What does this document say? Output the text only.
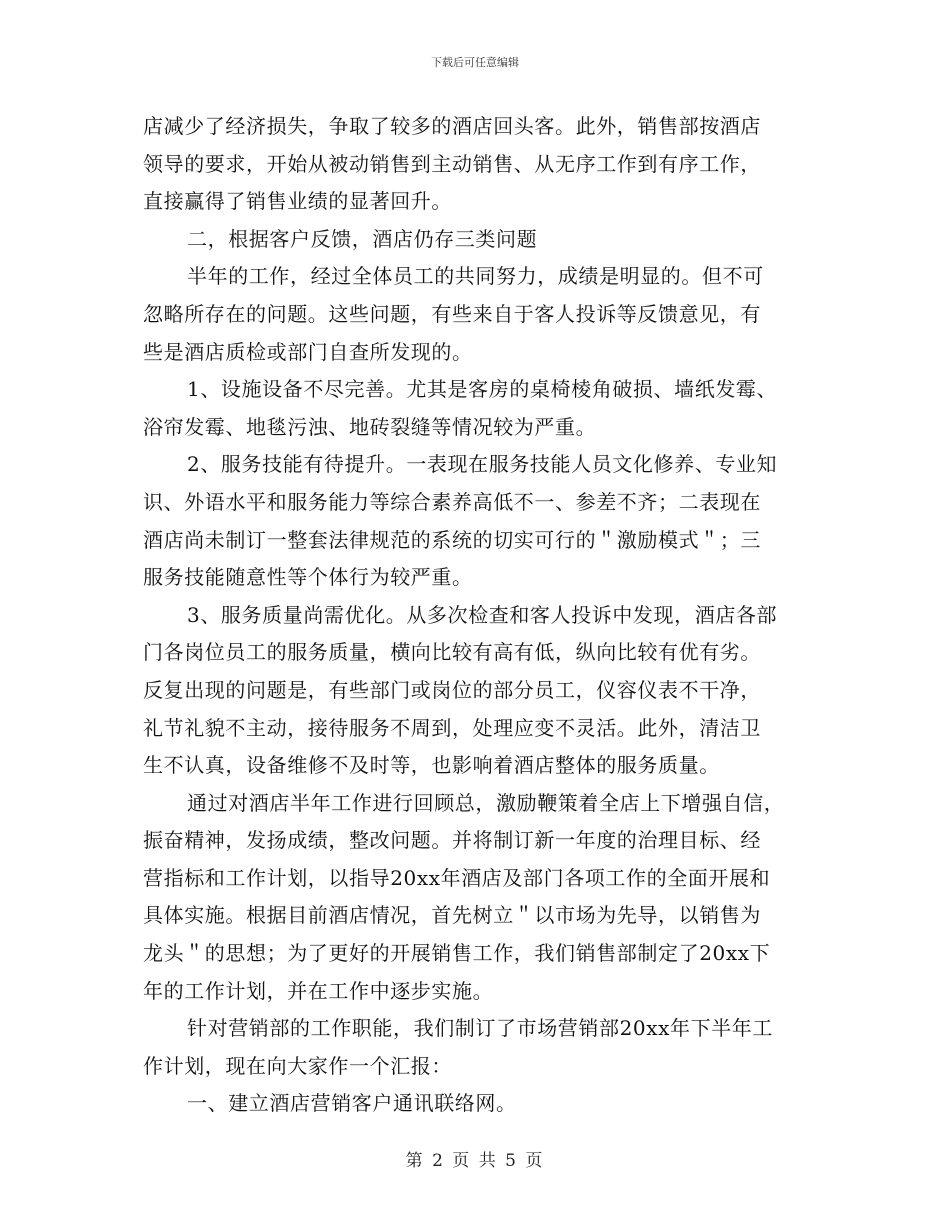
下载后可任意编辑
店减少了经济损失，争取了较多的酒店回头客。此外，销售部按酒店
领导的要求，开始从被动销售到主动销售、从无序工作到有序工作，
直接赢得了销售业绩的显著回升。
二，根据客户反馈，酒店仍存三类问题
半年的工作，经过全体员工的共同努力，成绩是明显的。但不可
忽略所存在的问题。这些问题，有些来自于客人投诉等反馈意见，有
些是酒店质检或部门自查所发现的。
1、设施设备不尽完善。尤其是客房的桌椅棱角破损、墙纸发霉、
浴帘发霉、地毯污浊、地砖裂缝等情况较为严重。
2、服务技能有待提升。一表现在服务技能人员文化修养、专业知
识、外语水平和服务能力等综合素养高低不一、参差不齐；二表现在
酒店尚未制订一整套法律规范的系统的切实可行的＂激励模式＂；三
服务技能随意性等个体行为较严重。
3、服务质量尚需优化。从多次检查和客人投诉中发现，酒店各部
门各岗位员工的服务质量，横向比较有高有低，纵向比较有优有劣。
反复出现的问题是，有些部门或岗位的部分员工，仪容仪表不干净，
礼节礼貌不主动，接待服务不周到，处理应变不灵活。此外，清洁卫
生不认真，设备维修不及时等，也影响着酒店整体的服务质量。
通过对酒店半年工作进行回顾总，激励鞭策着全店上下增强自信，
振奋精神，发扬成绩，整改问题。并将制订新一年度的治理目标、经
营指标和工作计划，以指导20xx年酒店及部门各项工作的全面开展和
具体实施。根据目前酒店情况，首先树立＂以市场为先导，以销售为
龙头＂的思想；为了更好的开展销售工作，我们销售部制定了20xx下
年的工作计划，并在工作中逐步实施。
针对营销部的工作职能，我们制订了市场营销部20xx年下半年工
作计划，现在向大家作一个汇报：
一、建立酒店营销客户通讯联络网。
第 2 页 共 5 页
